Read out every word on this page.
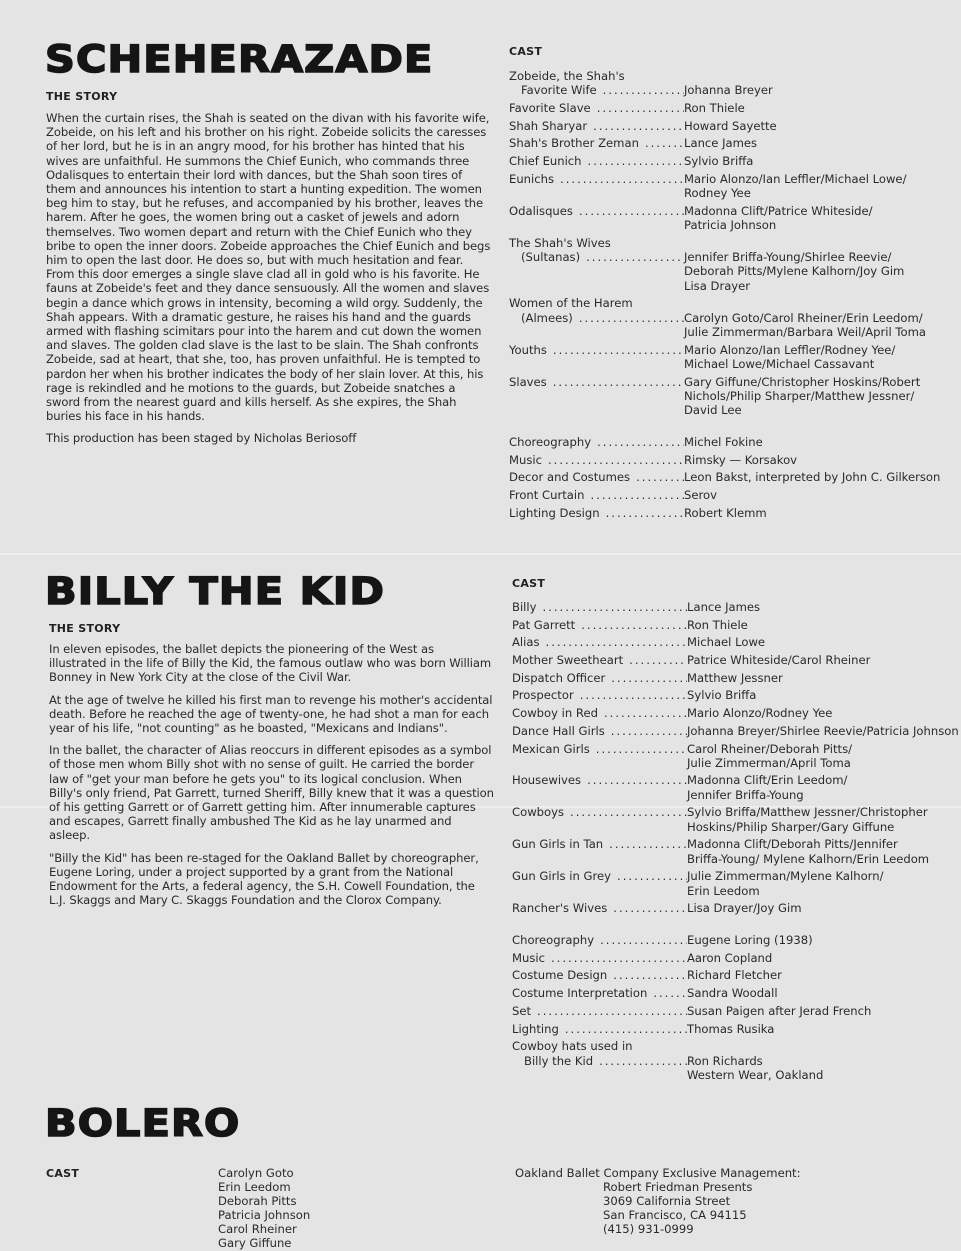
SCHEHERAZADE
THE STORY

When the curtain rises, the Shah is seated on the divan with his favorite wife, Zobeide, on his left and his brother on his right. Zobeide solicits the caresses of her lord, but he is in an angry mood, for his brother has hinted that his wives are unfaithful. He summons the Chief Eunich, who commands three Odalisques to entertain their lord with dances, but the Shah soon tires of them and announces his intention to start a hunting expedition. The women beg him to stay, but he refuses, and accompanied by his brother, leaves the harem. After he goes, the women bring out a casket of jewels and adorn themselves. Two women depart and return with the Chief Eunich who they bribe to open the inner doors. Zobeide approaches the Chief Eunich and begs him to open the last door. He does so, but with much hesitation and fear. From this door emerges a single slave clad all in gold who is his favorite. He fauns at Zobeide's feet and they dance sensuously. All the women and slaves begin a dance which grows in intensity, becoming a wild orgy. Suddenly, the Shah appears. With a dramatic gesture, he raises his hand and the guards armed with flashing scimitars pour into the harem and cut down the women and slaves. The golden clad slave is the last to be slain. The Shah confronts Zobeide, sad at heart, that she, too, has proven unfaithful. He is tempted to pardon her when his brother indicates the body of her slain lover. At this, his rage is rekindled and he motions to the guards, but Zobeide snatches a sword from the nearest guard and kills herself. As she expires, the Shah buries his face in his hands.

This production has been staged by Nicholas Beriosoff

CAST
Zobeide, the Shah's
Favorite Wife .....	Johanna Breyer
Favorite Slave .....	Ron Thiele
Shah Sharyar .....	Howard Sayette
Shah's Brother Zeman .....	Lance James
Chief Eunich .....	Sylvio Briffa
Eunichs .....	Mario Alonzo/Ian Leffler/Michael Lowe/
Rodney Yee
Odalisques .....	Madonna Clift/Patrice Whiteside/
Patricia Johnson
The Shah's Wives
(Sultanas) .....	Jennifer Briffa-Young/Shirlee Reevie/
Deborah Pitts/Mylene Kalhorn/Joy Gim
Lisa Drayer
Women of the Harem
(Almees) .....	Carolyn Goto/Carol Rheiner/Erin Leedom/
Julie Zimmerman/Barbara Weil/April Toma
Youths .....	Mario Alonzo/Ian Leffler/Rodney Yee/
Michael Lowe/Michael Cassavant
Slaves .....	Gary Giffune/Christopher Hoskins/Robert
Nichols/Philip Sharper/Matthew Jessner/
David Lee
Choreography .....	Michel Fokine
Music .....	Rimsky — Korsakov
Decor and Costumes .....	Leon Bakst, interpreted by John C. Gilkerson
Front Curtain .....	Serov
Lighting Design .....	Robert Klemm
BILLY THE KID
THE STORY

In eleven episodes, the ballet depicts the pioneering of the West as illustrated in the life of Billy the Kid, the famous outlaw who was born William Bonney in New York City at the close of the Civil War.

At the age of twelve he killed his first man to revenge his mother's accidental death. Before he reached the age of twenty-one, he had shot a man for each year of his life, "not counting" as he boasted, "Mexicans and Indians".

In the ballet, the character of Alias reoccurs in different episodes as a symbol of those men whom Billy shot with no sense of guilt. He carried the border law of "get your man before he gets you" to its logical conclusion. When Billy's only friend, Pat Garrett, turned Sheriff, Billy knew that it was a question of his getting Garrett or of Garrett getting him. After innumerable captures and escapes, Garrett finally ambushed The Kid as he lay unarmed and asleep.

"Billy the Kid" has been re-staged for the Oakland Ballet by choreographer, Eugene Loring, under a project supported by a grant from the National Endowment for the Arts, a federal agency, the S.H. Cowell Foundation, the L.J. Skaggs and Mary C. Skaggs Foundation and the Clorox Company.

CAST
Billy .....	Lance James
Pat Garrett .....	Ron Thiele
Alias .....	Michael Lowe
Mother Sweetheart .....	Patrice Whiteside/Carol Rheiner
Dispatch Officer .....	Matthew Jessner
Prospector .....	Sylvio Briffa
Cowboy in Red .....	Mario Alonzo/Rodney Yee
Dance Hall Girls .....	Johanna Breyer/Shirlee Reevie/Patricia Johnson
Mexican Girls .....	Carol Rheiner/Deborah Pitts/
Julie Zimmerman/April Toma
Housewives .....	Madonna Clift/Erin Leedom/
Jennifer Briffa-Young
Cowboys .....	Sylvio Briffa/Matthew Jessner/Christopher
Hoskins/Philip Sharper/Gary Giffune
Gun Girls in Tan .....	Madonna Clift/Deborah Pitts/Jennifer
Briffa-Young/ Mylene Kalhorn/Erin Leedom
Gun Girls in Grey .....	Julie Zimmerman/Mylene Kalhorn/
Erin Leedom
Rancher's Wives .....	Lisa Drayer/Joy Gim
Choreography .....	Eugene Loring (1938)
Music .....	Aaron Copland
Costume Design .....	Richard Fletcher
Costume Interpretation .....	Sandra Woodall
Set .....	Susan Paigen after Jerad French
Lighting .....	Thomas Rusika
Cowboy hats used in
Billy the Kid .....	Ron Richards
Western Wear, Oakland
BOLERO
CAST	Carolyn Goto
Erin Leedom
Deborah Pitts
Patricia Johnson
Carol Rheiner
Gary Giffune
Oakland Ballet Company Exclusive Management:
Robert Friedman Presents
3069 California Street
San Francisco, CA 94115
(415) 931-0999
